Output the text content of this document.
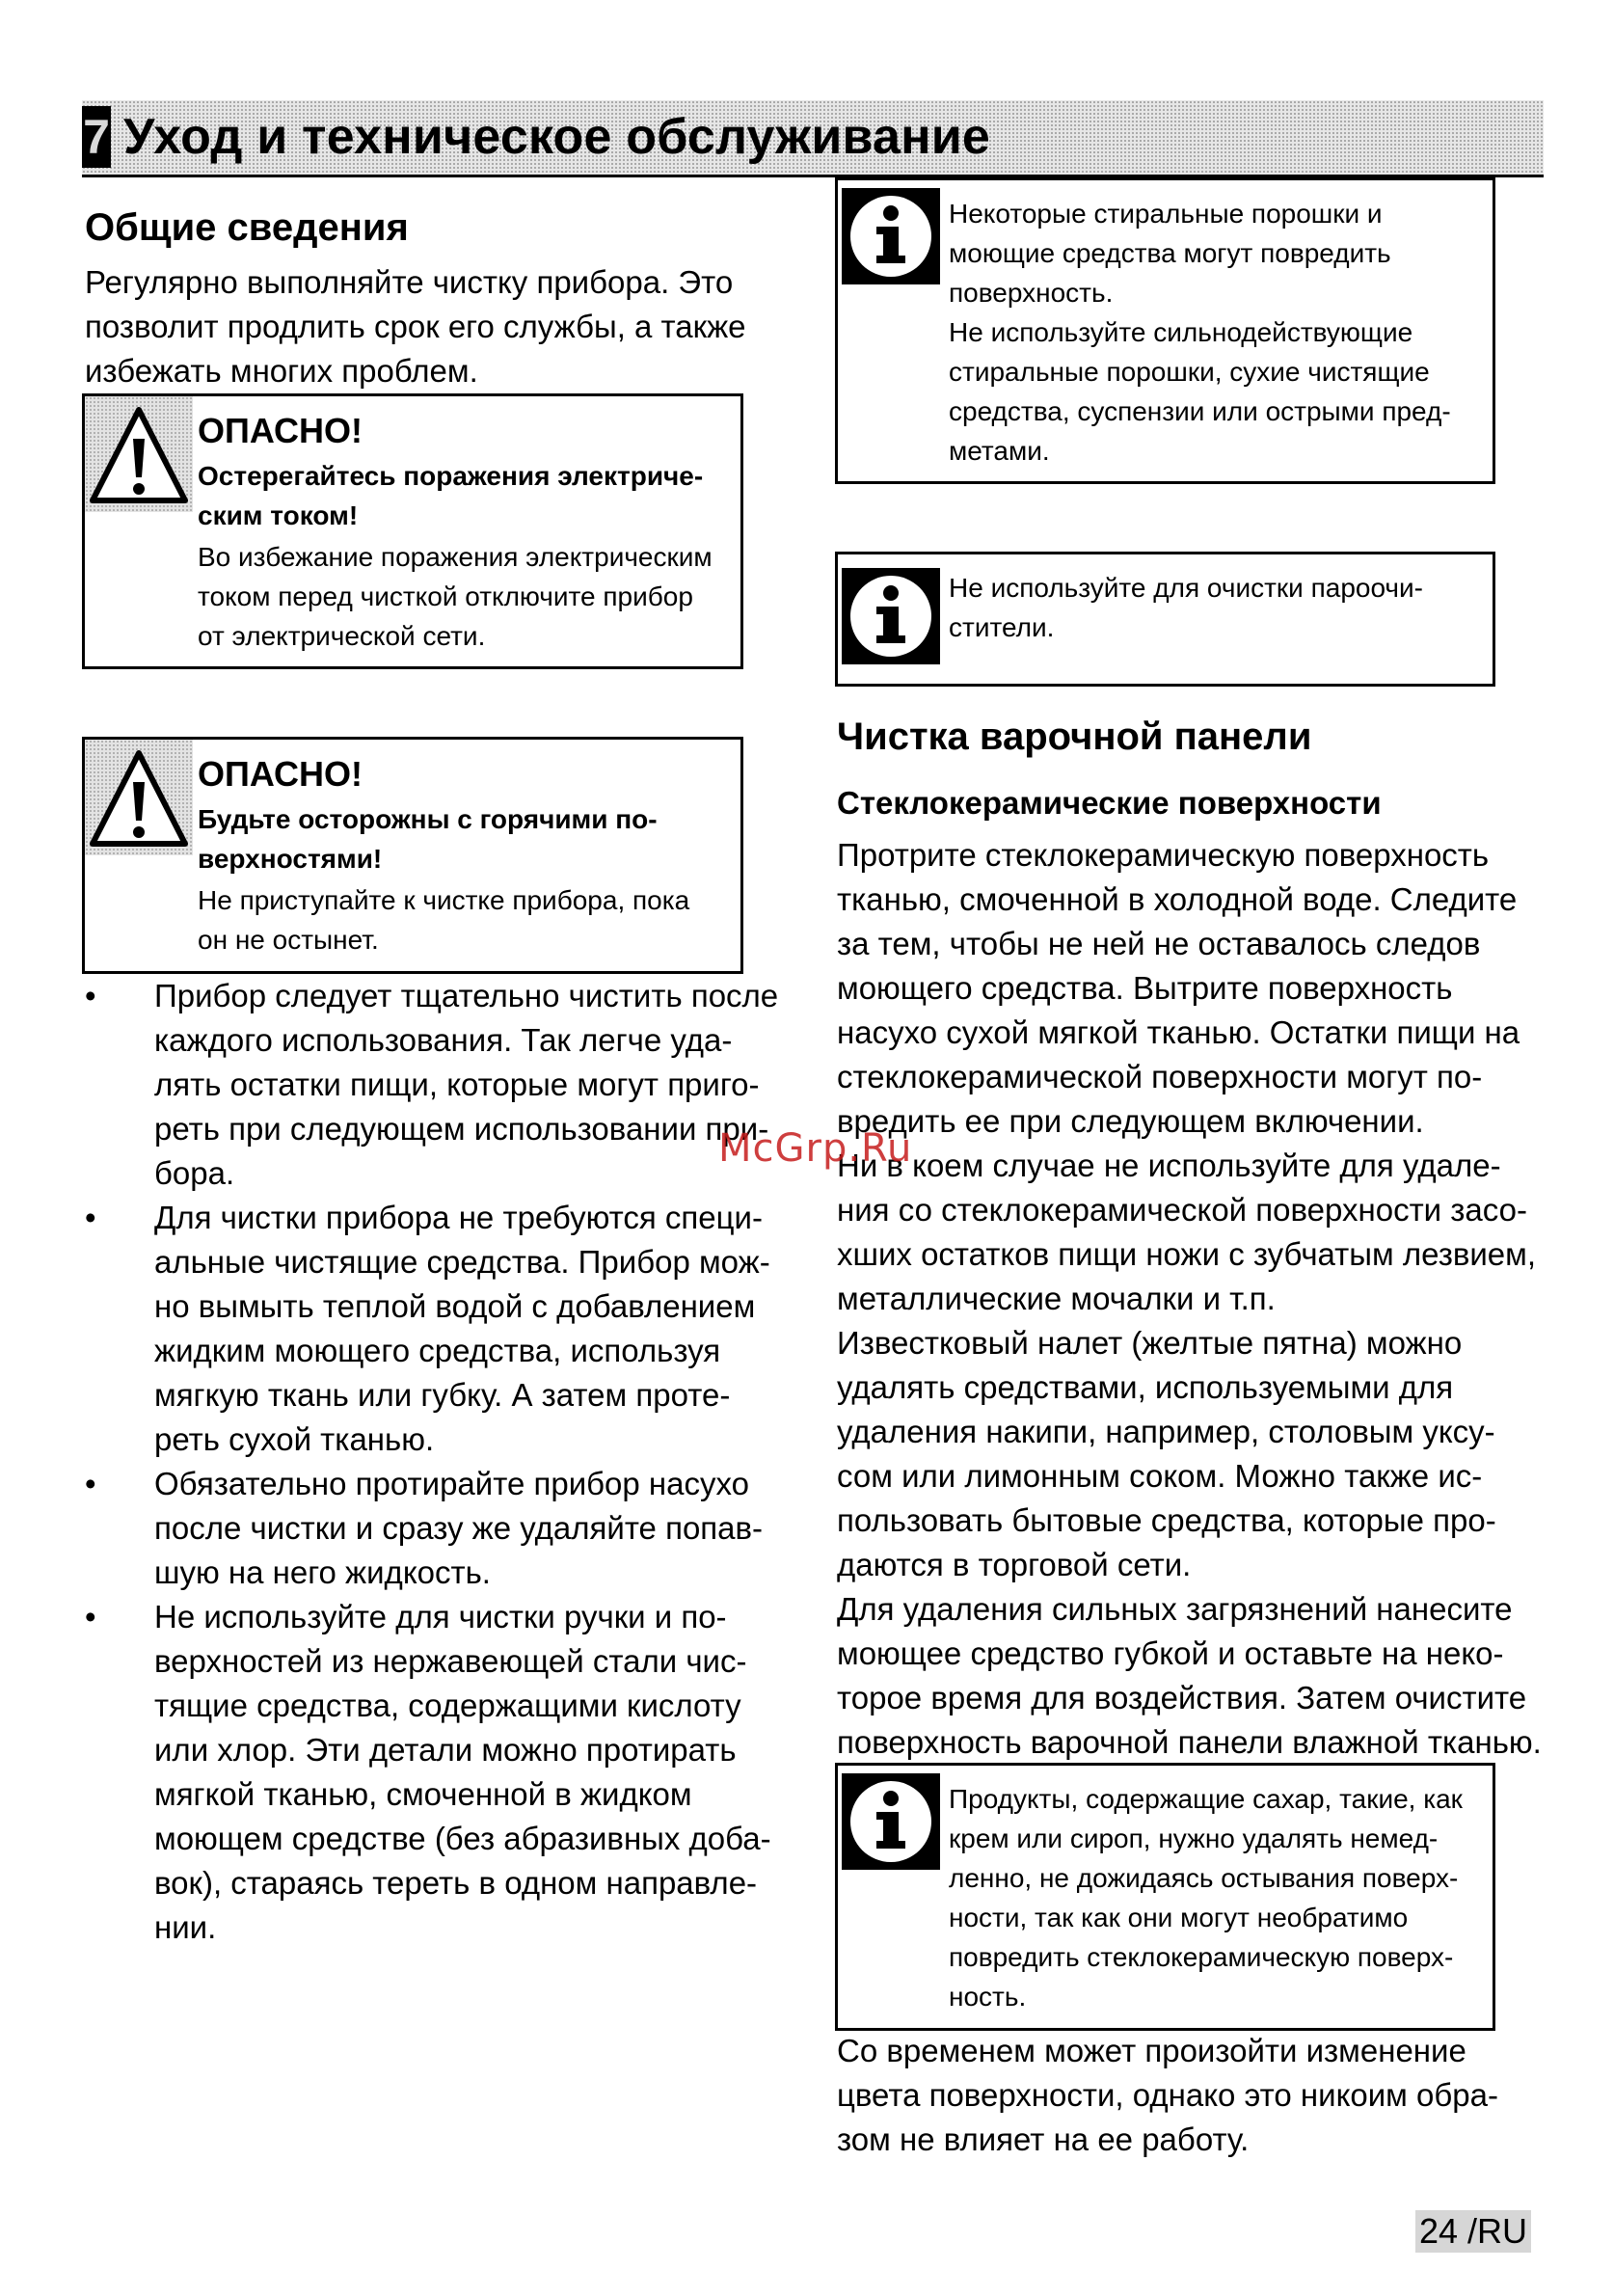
7 Уход и техническое обслуживание
Общие сведения
Регулярно выполняйте чистку прибора. Это
позволит продлить срок его службы, а также
избежать многих проблем.
ОПАСНО!
Остерегайтесь поражения электриче-
ским током!
Во избежание поражения электрическим
током перед чисткой отключите прибор
от электрической сети.
ОПАСНО!
Будьте осторожны с горячими по-
верхностями!
Не приступайте к чистке прибора, пока
он не остынет.
• Прибор следует тщательно чистить после
каждого использования. Так легче уда-
лять остатки пищи, которые могут приго-
реть при следующем использовании при-
бора.
• Для чистки прибора не требуются специ-
альные чистящие средства. Прибор мож-
но вымыть теплой водой с добавлением
жидким моющего средства, используя
мягкую ткань или губку. А затем проте-
реть сухой тканью.
• Обязательно протирайте прибор насухо
после чистки и сразу же удаляйте попав-
шую на него жидкость.
• Не используйте для чистки ручки и по-
верхностей из нержавеющей стали чис-
тящие средства, содержащими кислоту
или хлор. Эти детали можно протирать
мягкой тканью, смоченной в жидком
моющем средстве (без абразивных доба-
вок), стараясь тереть в одном направле-
нии.
Некоторые стиральные порошки и
моющие средства могут повредить
поверхность.
Не используйте сильнодействующие
стиральные порошки, сухие чистящие
средства, суспензии или острыми пред-
метами.
Не используйте для очистки пароочи-
стители.
Чистка варочной панели
Стеклокерамические поверхности
Протрите стеклокерамическую поверхность
тканью, смоченной в холодной воде. Следите
за тем, чтобы не ней не оставалось следов
моющего средства. Вытрите поверхность
насухо сухой мягкой тканью. Остатки пищи на
стеклокерамической поверхности могут по-
вредить ее при следующем включении.
Ни в коем случае не используйте для удале-
ния со стеклокерамической поверхности засо-
хших остатков пищи ножи с зубчатым лезвием,
металлические мочалки и т.п.
Известковый налет (желтые пятна) можно
удалять средствами, используемыми для
удаления накипи, например, столовым уксу-
сом или лимонным соком. Можно также ис-
пользовать бытовые средства, которые про-
даются в торговой сети.
Для удаления сильных загрязнений нанесите
моющее средство губкой и оставьте на неко-
торое время для воздействия. Затем очистите
поверхность варочной панели влажной тканью.
Продукты, содержащие сахар, такие, как
крем или сироп, нужно удалять немед-
ленно, не дожидаясь остывания поверх-
ности, так как они могут необратимо
повредить стеклокерамическую поверх-
ность.
Со временем может произойти изменение
цвета поверхности, однако это никоим обра-
зом не влияет на ее работу.
McGrp.Ru
24 /RU
